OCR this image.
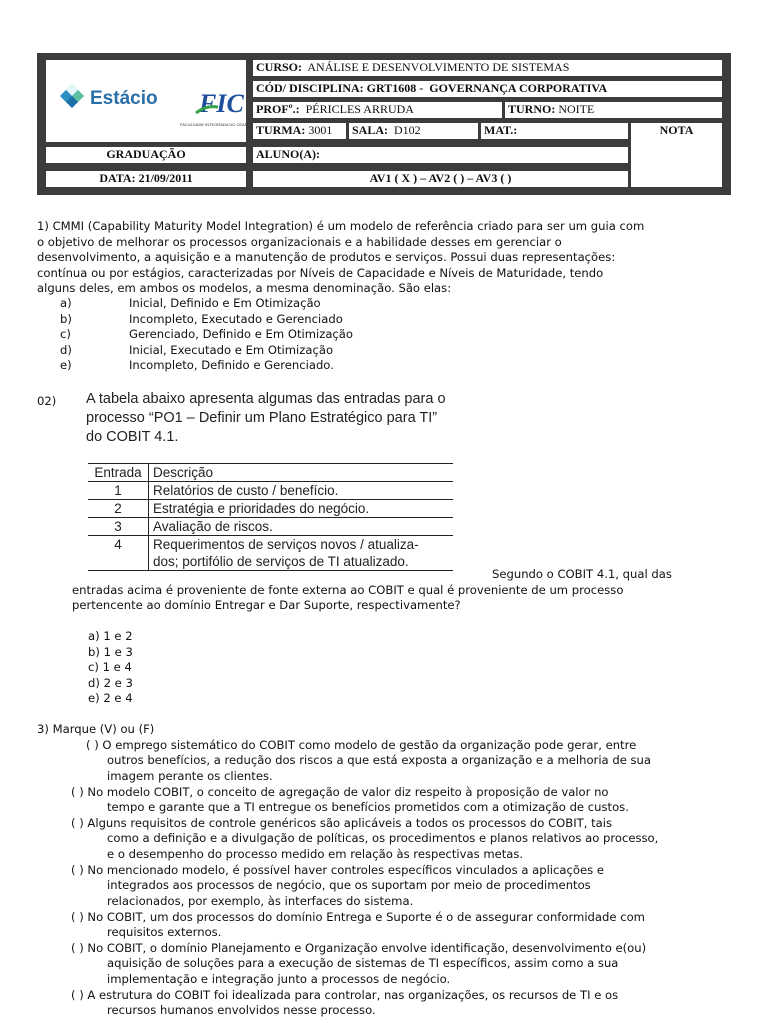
Estácio FIC
FACULDADE INTEGRADA DO CEARÁ
CURSO: ANÁLISE E DESENVOLVIMENTO DE SISTEMAS
CÓD/ DISCIPLINA: GRT1608 - GOVERNANÇA CORPORATIVA
PROFº.: PÉRICLES ARRUDA	TURNO: NOITE
TURMA: 3001	SALA: D102	MAT.:	NOTA
GRADUAÇÃO	ALUNO(A):
DATA: 21/09/2011	AV1 ( X ) – AV2 ( ) – AV3 ( )
1) CMMI (Capability Maturity Model Integration) é um modelo de referência criado para ser um guia com
o objetivo de melhorar os processos organizacionais e a habilidade desses em gerenciar o
desenvolvimento, a aquisição e a manutenção de produtos e serviços. Possui duas representações:
contínua ou por estágios, caracterizadas por Níveis de Capacidade e Níveis de Maturidade, tendo
alguns deles, em ambos os modelos, a mesma denominação. São elas:
a)	Inicial, Definido e Em Otimização
b)	Incompleto, Executado e Gerenciado
c)	Gerenciado, Definido e Em Otimização
d)	Inicial, Executado e Em Otimização
e)	Incompleto, Definido e Gerenciado.
02) A tabela abaixo apresenta algumas das entradas para o
processo “PO1 – Definir um Plano Estratégico para TI”
do COBIT 4.1.
Entrada	Descrição
1	Relatórios de custo / benefício.
2	Estratégia e prioridades do negócio.
3	Avaliação de riscos.
4	Requerimentos de serviços novos / atualiza-
dos; portifólio de serviços de TI atualizado.
Segundo o COBIT 4.1, qual das
entradas acima é proveniente de fonte externa ao COBIT e qual é proveniente de um processo
pertencente ao domínio Entregar e Dar Suporte, respectivamente?
a) 1 e 2
b) 1 e 3
c) 1 e 4
d) 2 e 3
e) 2 e 4
3) Marque (V) ou (F)
( ) O emprego sistemático do COBIT como modelo de gestão da organização pode gerar, entre
outros benefícios, a redução dos riscos a que está exposta a organização e a melhoria de sua
imagem perante os clientes.
( ) No modelo COBIT, o conceito de agregação de valor diz respeito à proposição de valor no
tempo e garante que a TI entregue os benefícios prometidos com a otimização de custos.
( ) Alguns requisitos de controle genéricos são aplicáveis a todos os processos do COBIT, tais
como a definição e a divulgação de políticas, os procedimentos e planos relativos ao processo,
e o desempenho do processo medido em relação às respectivas metas.
( ) No mencionado modelo, é possível haver controles específicos vinculados a aplicações e
integrados aos processos de negócio, que os suportam por meio de procedimentos
relacionados, por exemplo, às interfaces do sistema.
( ) No COBIT, um dos processos do domínio Entrega e Suporte é o de assegurar conformidade com
requisitos externos.
( ) No COBIT, o domínio Planejamento e Organização envolve identificação, desenvolvimento e(ou)
aquisição de soluções para a execução de sistemas de TI específicos, assim como a sua
implementação e integração junto a processos de negócio.
( ) A estrutura do COBIT foi idealizada para controlar, nas organizações, os recursos de TI e os
recursos humanos envolvidos nesse processo.
